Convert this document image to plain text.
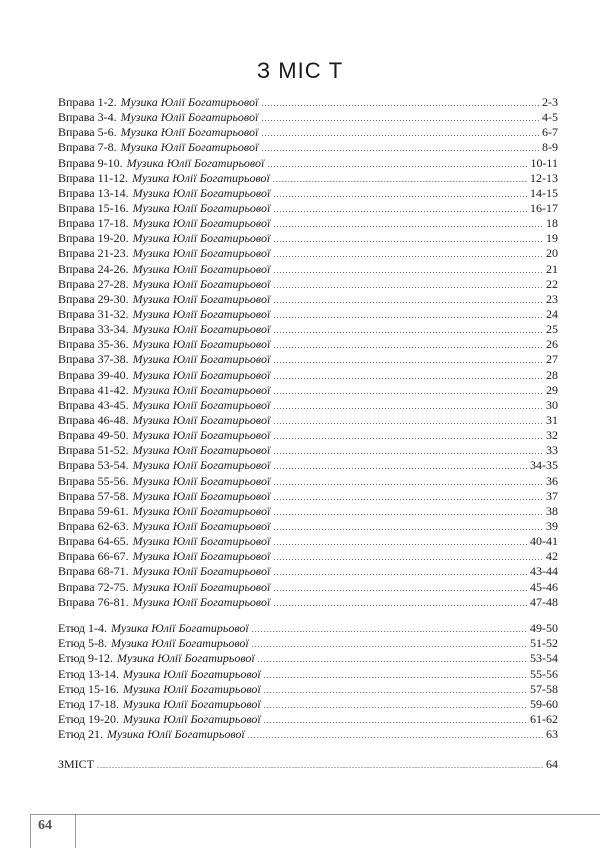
З МІС Т
Вправа 1-2. Музика Юлії Богатирьової .....	2-3
Вправа 3-4. Музика Юлії Богатирьової .....	4-5
Вправа 5-6. Музика Юлії Богатирьової .....	6-7
Вправа 7-8. Музика Юлії Богатирьової .....	8-9
Вправа 9-10. Музика Юлії Богатирьової .....	10-11
Вправа 11-12. Музика Юлії Богатирьової .....	12-13
Вправа 13-14. Музика Юлії Богатирьової .....	14-15
Вправа 15-16. Музика Юлії Богатирьової .....	16-17
Вправа 17-18. Музика Юлії Богатирьової .....	18
Вправа 19-20. Музика Юлії Богатирьової .....	19
Вправа 21-23. Музика Юлії Богатирьової .....	20
Вправа 24-26. Музика Юлії Богатирьової .....	21
Вправа 27-28. Музика Юлії Богатирьової .....	22
Вправа 29-30. Музика Юлії Богатирьової .....	23
Вправа 31-32. Музика Юлії Богатирьової .....	24
Вправа 33-34. Музика Юлії Богатирьової .....	25
Вправа 35-36. Музика Юлії Богатирьової .....	26
Вправа 37-38. Музика Юлії Богатирьової .....	27
Вправа 39-40. Музика Юлії Богатирьової .....	28
Вправа 41-42. Музика Юлії Богатирьової .....	29
Вправа 43-45. Музика Юлії Богатирьової .....	30
Вправа 46-48. Музика Юлії Богатирьової .....	31
Вправа 49-50. Музика Юлії Богатирьової .....	32
Вправа 51-52. Музика Юлії Богатирьової .....	33
Вправа 53-54. Музика Юлії Богатирьової .....	34-35
Вправа 55-56. Музика Юлії Богатирьової .....	36
Вправа 57-58. Музика Юлії Богатирьової .....	37
Вправа 59-61. Музика Юлії Богатирьової .....	38
Вправа 62-63. Музика Юлії Богатирьової .....	39
Вправа 64-65. Музика Юлії Богатирьової .....	40-41
Вправа 66-67. Музика Юлії Богатирьової .....	42
Вправа 68-71. Музика Юлії Богатирьової .....	43-44
Вправа 72-75. Музика Юлії Богатирьової .....	45-46
Вправа 76-81. Музика Юлії Богатирьової .....	47-48
Етюд 1-4. Музика Юлії Богатирьової .....	49-50
Етюд 5-8. Музика Юлії Богатирьової .....	51-52
Етюд 9-12. Музика Юлії Богатирьової .....	53-54
Етюд 13-14. Музика Юлії Богатирьової .....	55-56
Етюд 15-16. Музика Юлії Богатирьової .....	57-58
Етюд 17-18. Музика Юлії Богатирьової .....	59-60
Етюд 19-20. Музика Юлії Богатирьової .....	61-62
Етюд 21. Музика Юлії Богатирьової .....	63
ЗМІСТ .....	64
64
